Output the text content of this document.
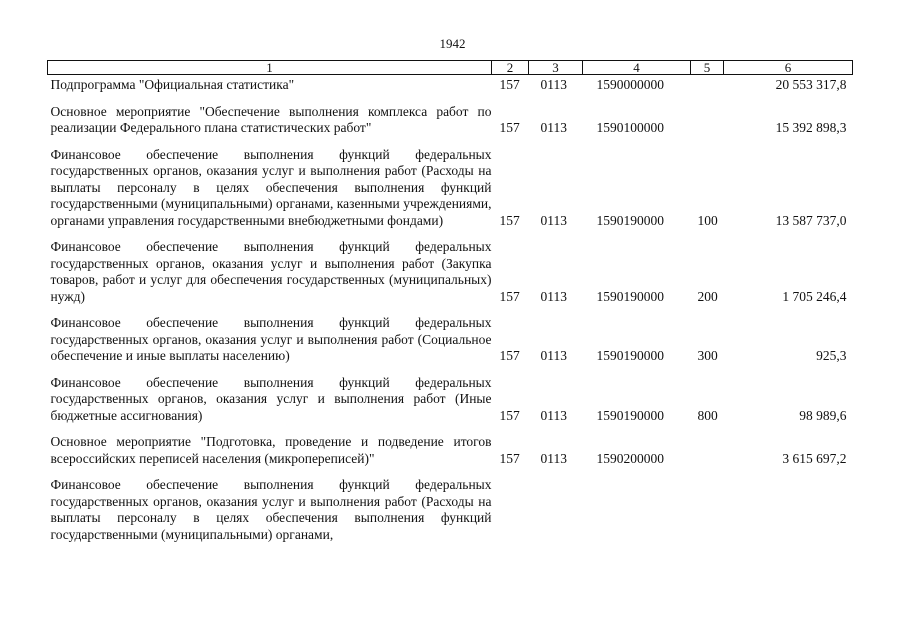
1942
1	2	3	4	5	6
Подпрограмма "Официальная статистика"	157	0113	1590000000		20 553 317,8
Основное мероприятие "Обеспечение выполнения комплекса работ по реализации Федерального плана статистических работ"	157	0113	1590100000		15 392 898,3
Финансовое обеспечение выполнения функций федеральных государственных органов, оказания услуг и выполнения работ (Расходы на выплаты персоналу в целях обеспечения выполнения функций государственными (муниципальными) органами, казенными учреждениями, органами управления государственными внебюджетными фондами)	157	0113	1590190000	100	13 587 737,0
Финансовое обеспечение выполнения функций федеральных государственных органов, оказания услуг и выполнения работ (Закупка товаров, работ и услуг для обеспечения государственных (муниципальных) нужд)	157	0113	1590190000	200	1 705 246,4
Финансовое обеспечение выполнения функций федеральных государственных органов, оказания услуг и выполнения работ (Социальное обеспечение и иные выплаты населению)	157	0113	1590190000	300	925,3
Финансовое обеспечение выполнения функций федеральных государственных органов, оказания услуг и выполнения работ (Иные бюджетные ассигнования)	157	0113	1590190000	800	98 989,6
Основное мероприятие "Подготовка, проведение и подведение итогов всероссийских переписей населения (микропереписей)"	157	0113	1590200000		3 615 697,2
Финансовое обеспечение выполнения функций федеральных государственных органов, оказания услуг и выполнения работ (Расходы на выплаты персоналу в целях обеспечения выполнения функций государственными (муниципальными) органами,					
